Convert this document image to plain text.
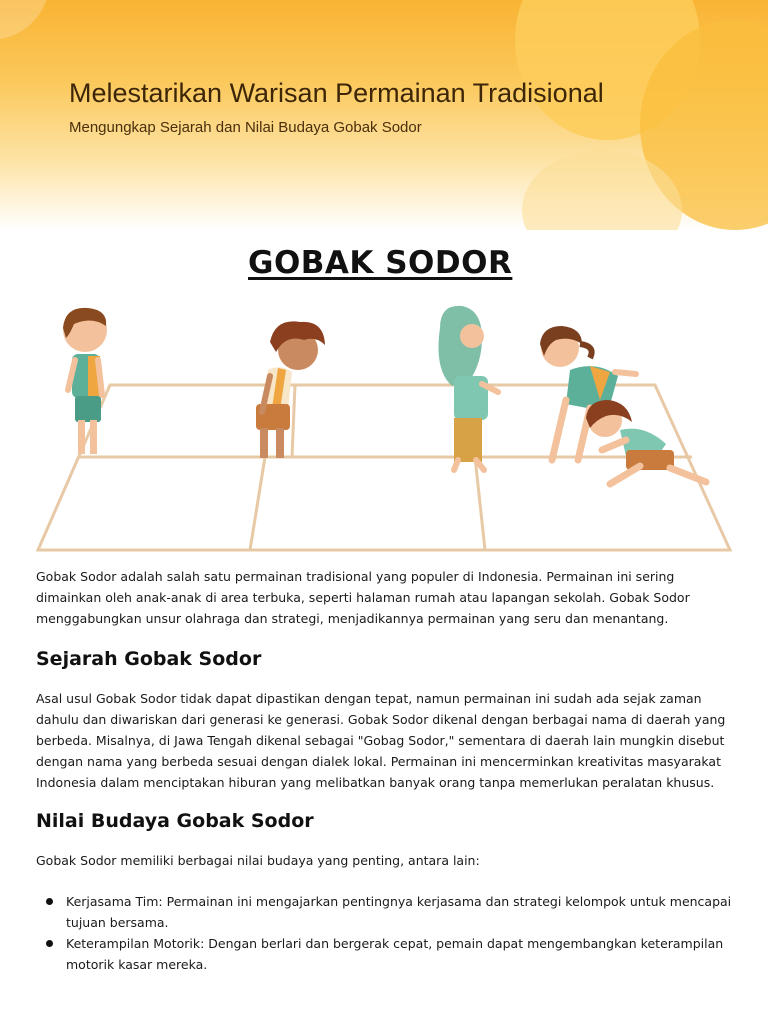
Melestarikan Warisan Permainan Tradisional
Mengungkap Sejarah dan Nilai Budaya Gobak Sodor
GOBAK SODOR

Gobak Sodor adalah salah satu permainan tradisional yang populer di Indonesia. Permainan ini sering dimainkan oleh anak-anak di area terbuka, seperti halaman rumah atau lapangan sekolah. Gobak Sodor menggabungkan unsur olahraga dan strategi, menjadikannya permainan yang seru dan menantang.

Sejarah Gobak Sodor

Asal usul Gobak Sodor tidak dapat dipastikan dengan tepat, namun permainan ini sudah ada sejak zaman dahulu dan diwariskan dari generasi ke generasi. Gobak Sodor dikenal dengan berbagai nama di daerah yang berbeda. Misalnya, di Jawa Tengah dikenal sebagai "Gobag Sodor," sementara di daerah lain mungkin disebut dengan nama yang berbeda sesuai dengan dialek lokal. Permainan ini mencerminkan kreativitas masyarakat Indonesia dalam menciptakan hiburan yang melibatkan banyak orang tanpa memerlukan peralatan khusus.

Nilai Budaya Gobak Sodor

Gobak Sodor memiliki berbagai nilai budaya yang penting, antara lain:

Kerjasama Tim: Permainan ini mengajarkan pentingnya kerjasama dan strategi kelompok untuk mencapai tujuan bersama.
Keterampilan Motorik: Dengan berlari dan bergerak cepat, pemain dapat mengembangkan keterampilan motorik kasar mereka.
